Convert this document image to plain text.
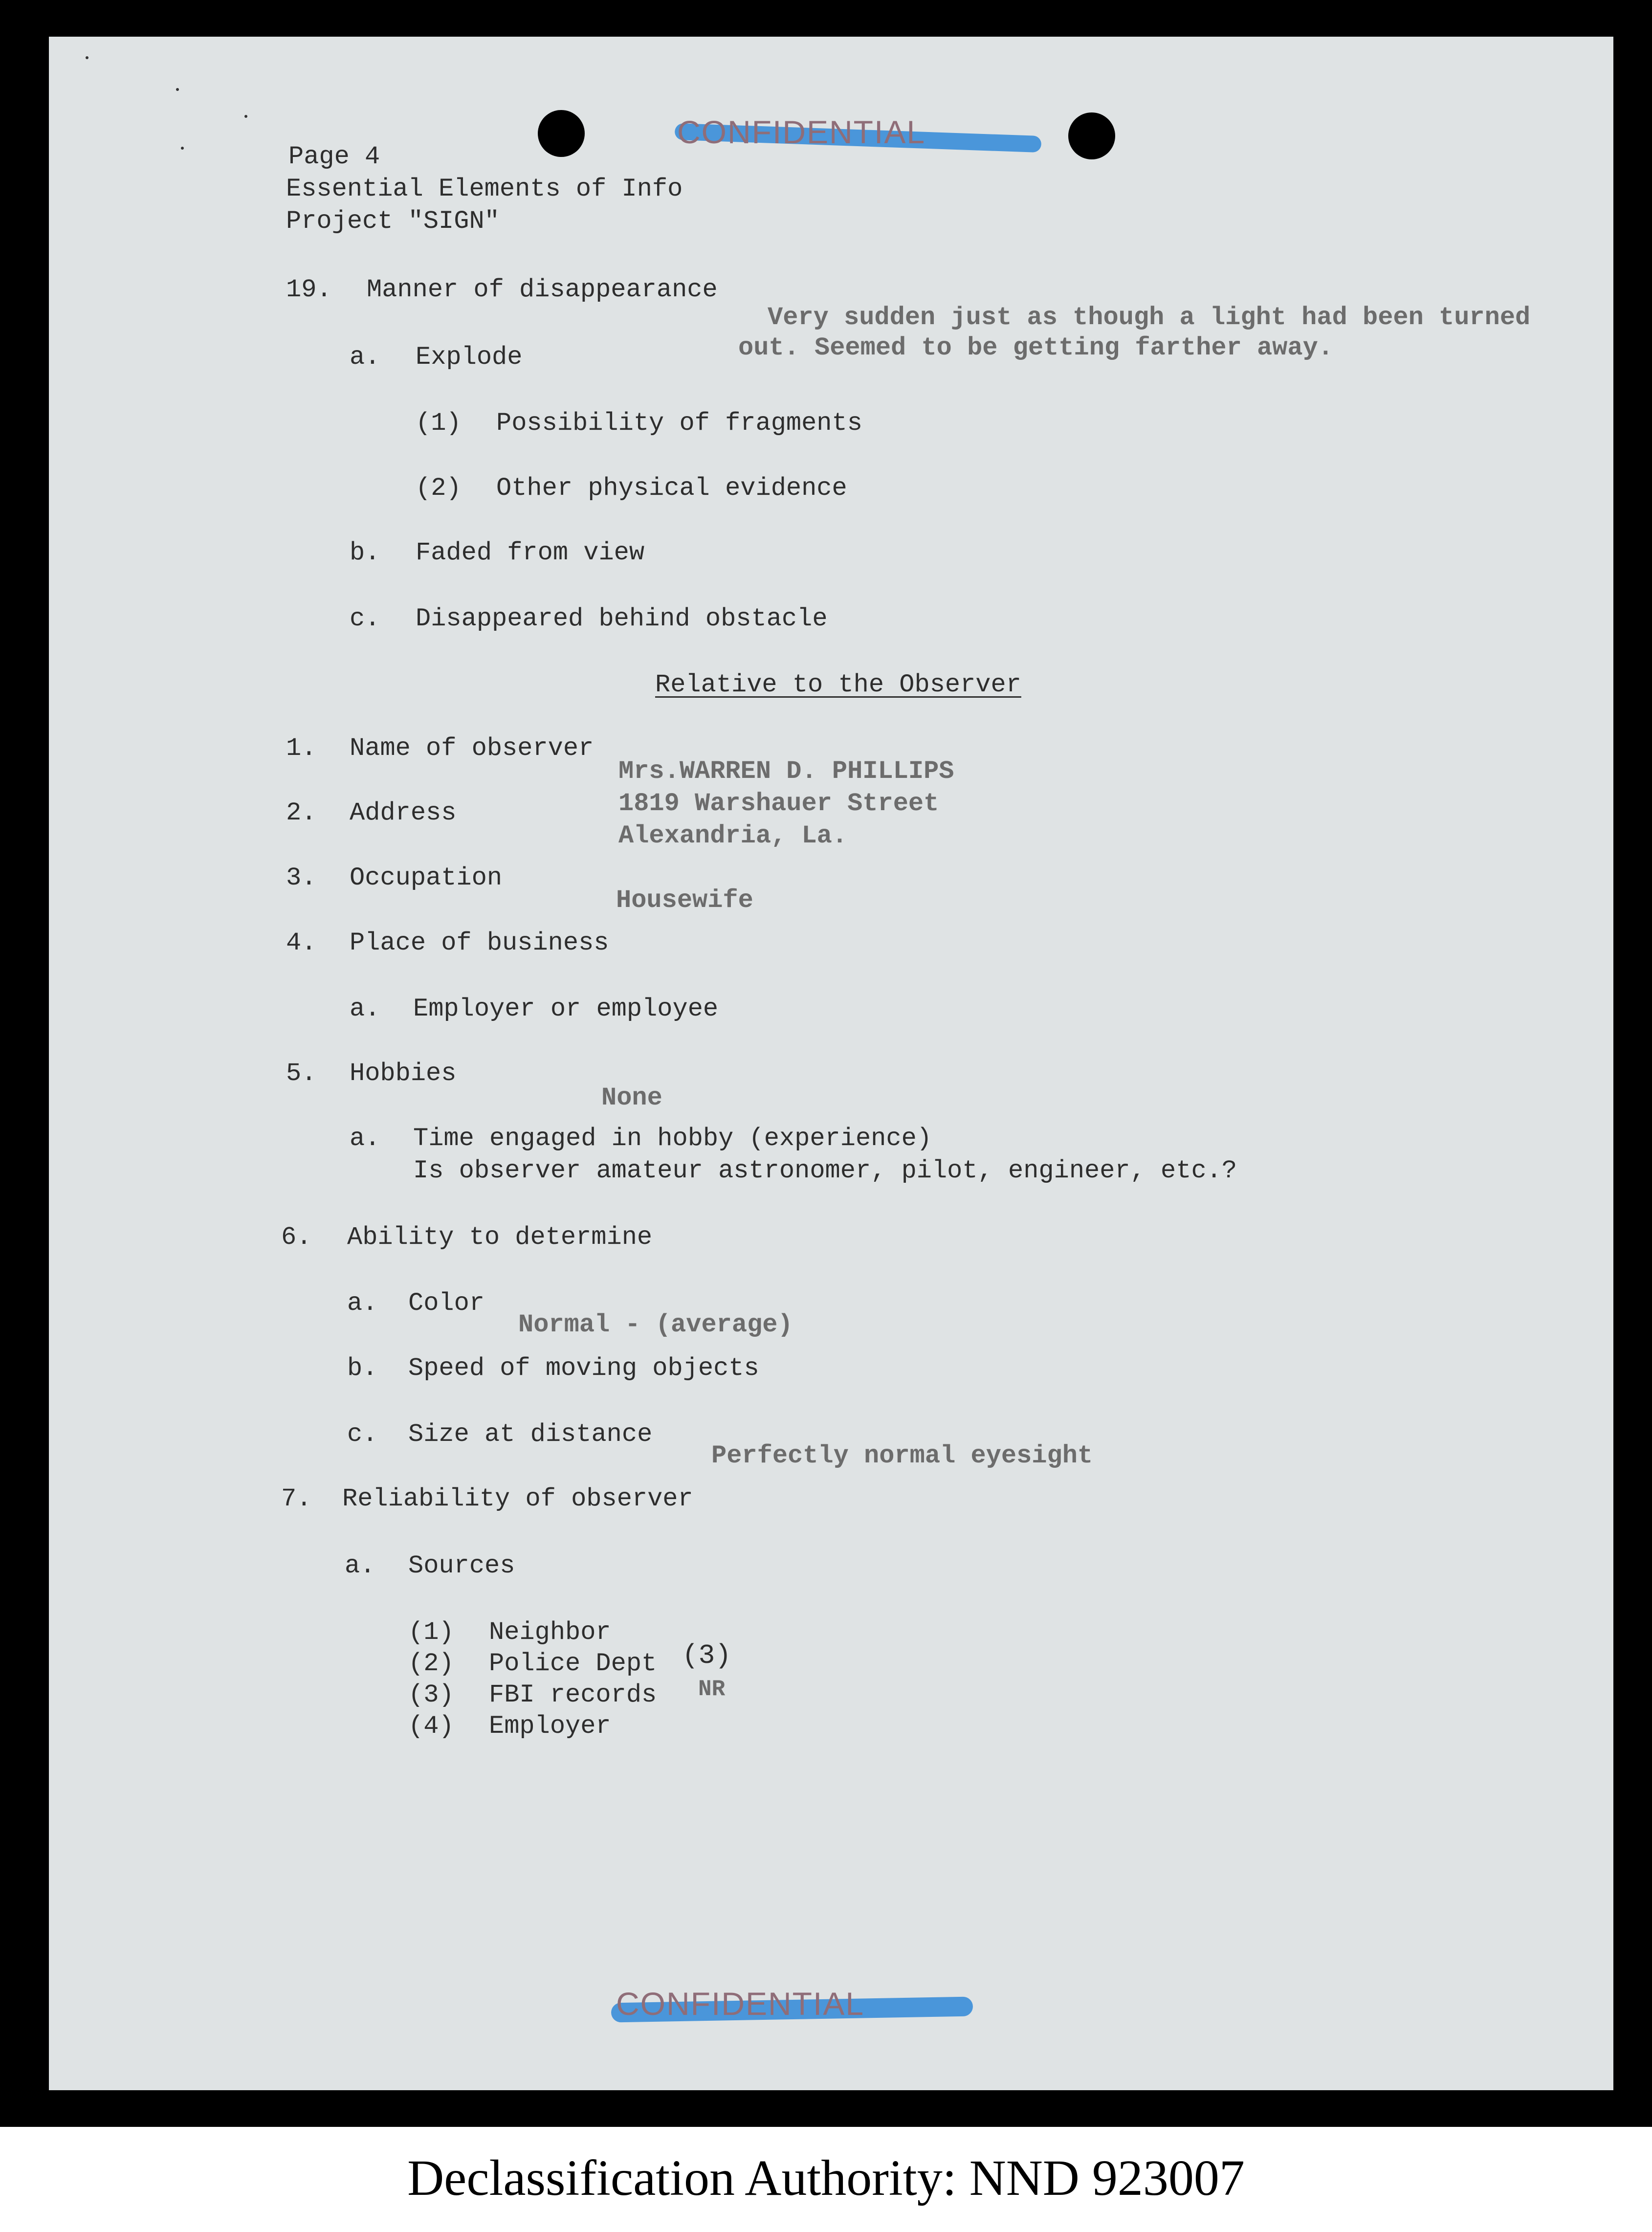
CONFIDENTIAL
Page 4
Essential Elements of Info
Project "SIGN"
19. Manner of disappearance
Very sudden just as though a light had been turned
out. Seemed to be getting farther away.
a. Explode
(1) Possibility of fragments
(2) Other physical evidence
b. Faded from view
c. Disappeared behind obstacle
Relative to the Observer
1. Name of observer
Mrs.WARREN D. PHILLIPS
2. Address	1819 Warshauer Street
Alexandria, La.
3. Occupation
Housewife
4. Place of business
a. Employer or employee
5. Hobbies
None
a. Time engaged in hobby (experience)
Is observer amateur astronomer, pilot, engineer, etc.?
6. Ability to determine
a. Color
Normal - (average)
b. Speed of moving objects
c. Size at distance
Perfectly normal eyesight
7. Reliability of observer
a. Sources
(1) Neighbor
(2) Police Dept
(3) FBI records
(4) Employer
(3)
NR
CONFIDENTIAL
Declassification Authority: NND 923007
